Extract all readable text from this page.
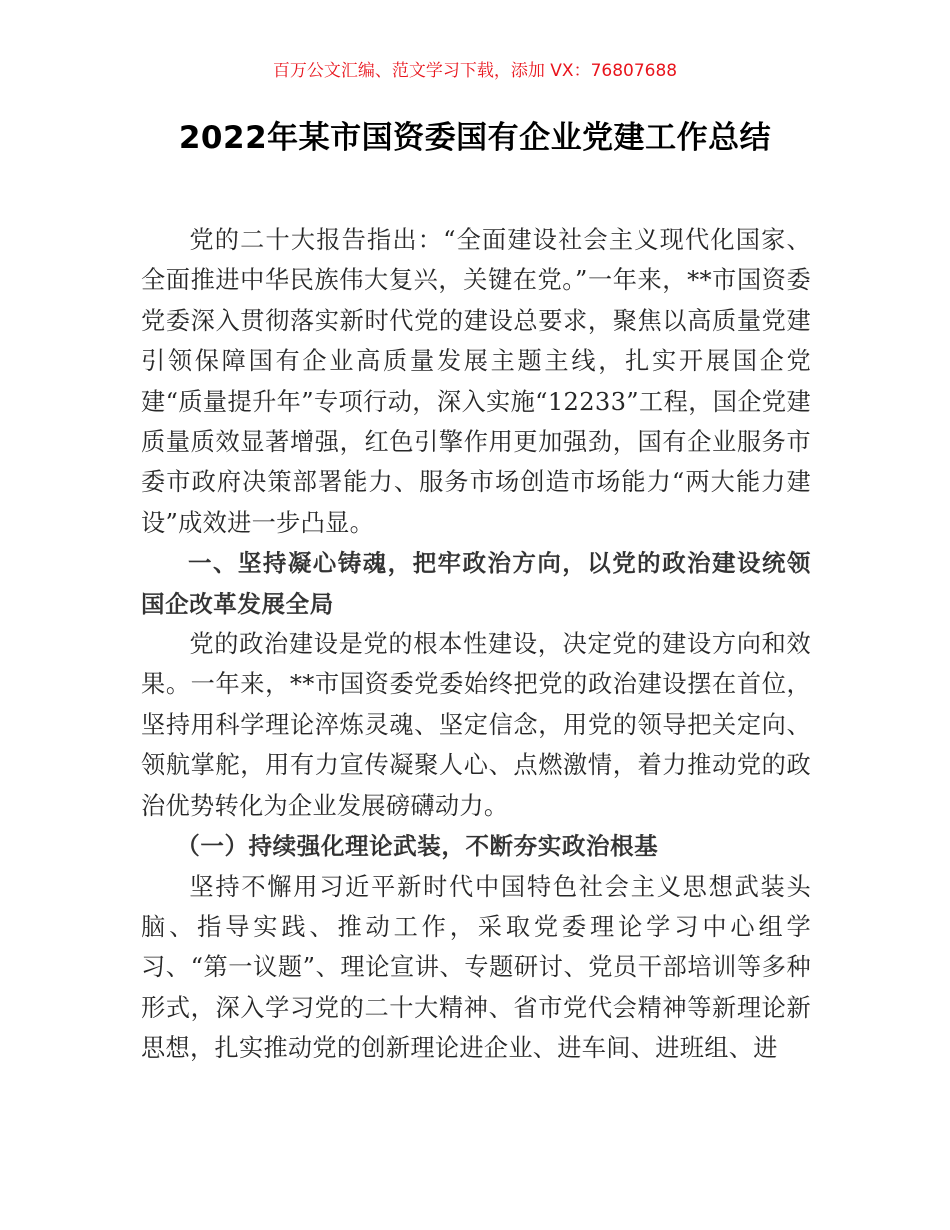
百万公文汇编、范文学习下载，添加 VX：76807688
2022年某市国资委国有企业党建工作总结

党的二十大报告指出：“全面建设社会主义现代化国家、全面推进中华民族伟大复兴，关键在党。”一年来，**市国资委党委深入贯彻落实新时代党的建设总要求，聚焦以高质量党建引领保障国有企业高质量发展主题主线，扎实开展国企党建“质量提升年”专项行动，深入实施“12233”工程，国企党建质量质效显著增强，红色引擎作用更加强劲，国有企业服务市委市政府决策部署能力、服务市场创造市场能力“两大能力建设”成效进一步凸显。

一、坚持凝心铸魂，把牢政治方向，以党的政治建设统领国企改革发展全局

党的政治建设是党的根本性建设，决定党的建设方向和效果。一年来，**市国资委党委始终把党的政治建设摆在首位，坚持用科学理论淬炼灵魂、坚定信念，用党的领导把关定向、领航掌舵，用有力宣传凝聚人心、点燃激情，着力推动党的政治优势转化为企业发展磅礴动力。

（一）持续强化理论武装，不断夯实政治根基

坚持不懈用习近平新时代中国特色社会主义思想武装头脑、指导实践、推动工作，采取党委理论学习中心组学习、“第一议题”、理论宣讲、专题研讨、党员干部培训等多种形式，深入学习党的二十大精神、省市党代会精神等新理论新思想，扎实推动党的创新理论进企业、进车间、进班组、进
